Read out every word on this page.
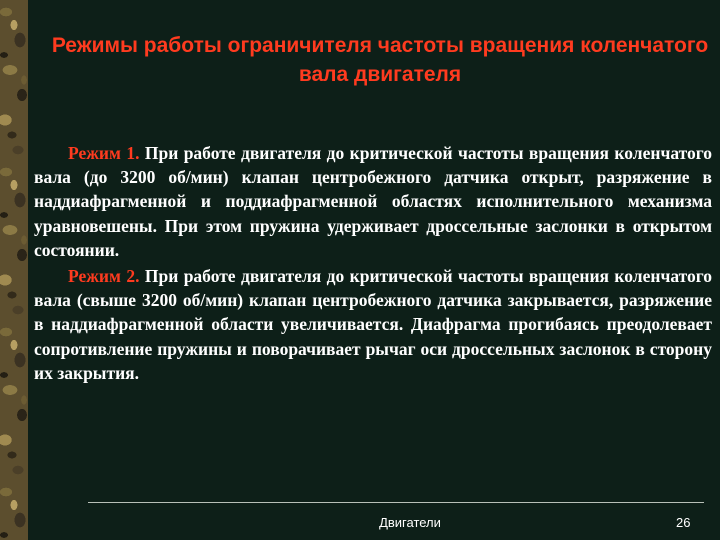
Режимы работы ограничителя частоты вращения коленчатого вала двигателя

Режим 1. При работе двигателя до критической частоты вращения коленчатого вала (до 3200 об/мин) клапан центробежного датчика открыт, разряжение в наддиафрагменной и поддиафрагменной областях исполнительного механизма уравновешены. При этом пружина удерживает дроссельные заслонки в открытом состоянии.

Режим 2. При работе двигателя до критической частоты вращения коленчатого вала (свыше 3200 об/мин) клапан центробежного датчика закрывается, разряжение в наддиафрагменной области увеличивается. Диафрагма прогибаясь преодолевает сопротивление пружины и поворачивает рычаг оси дроссельных заслонок в сторону их закрытия.

Двигатели	26
